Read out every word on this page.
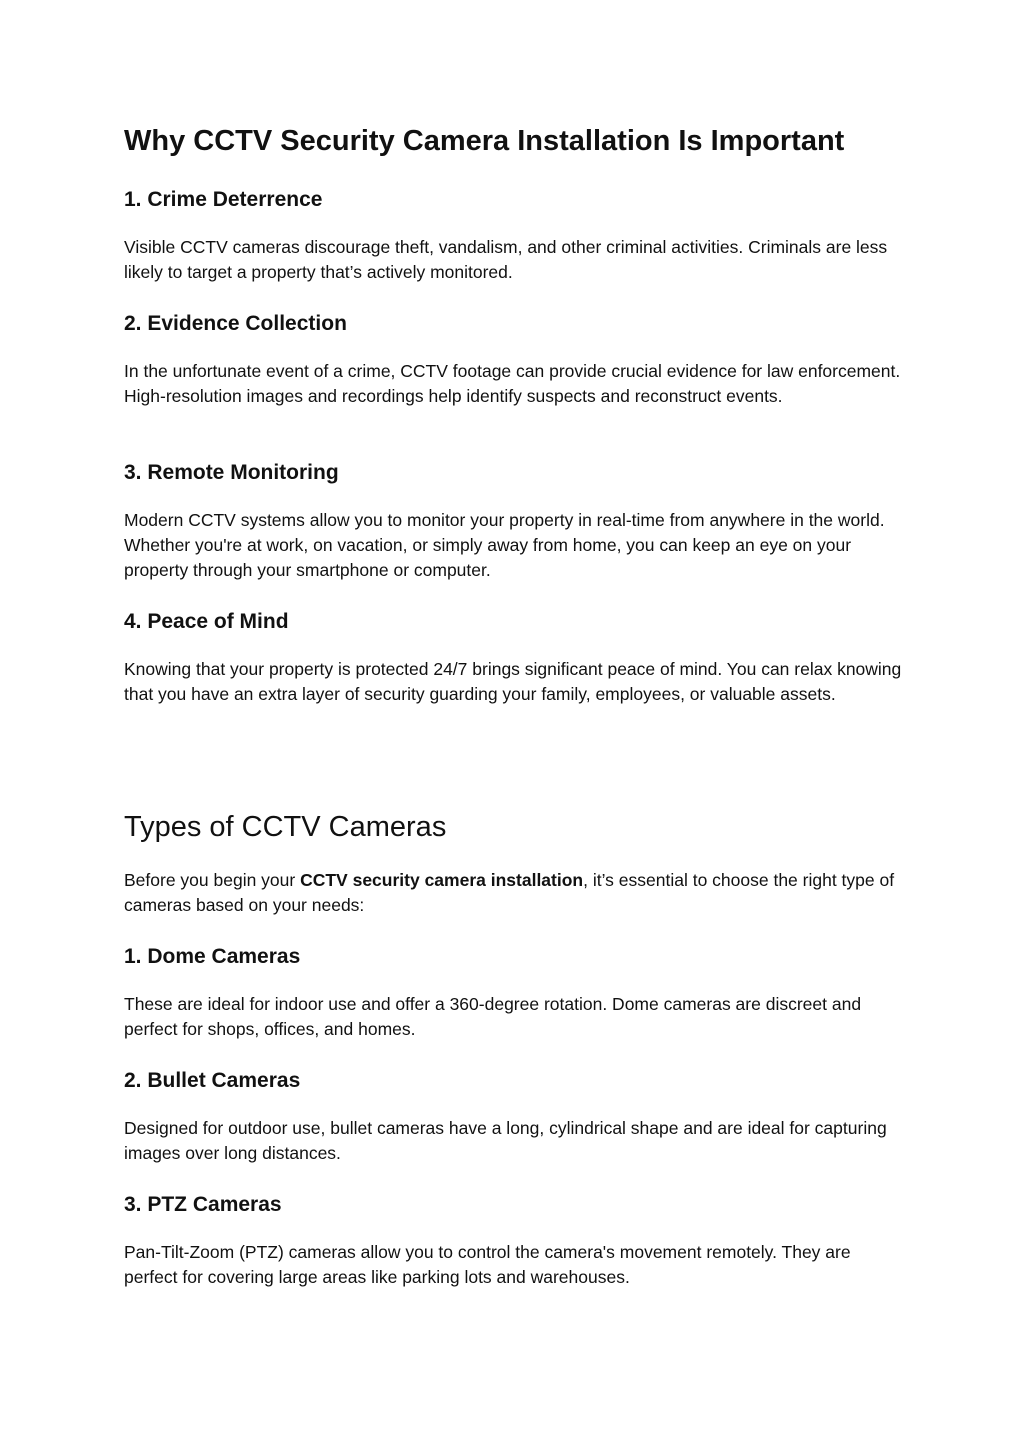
Why CCTV Security Camera Installation Is Important
1. Crime Deterrence

Visible CCTV cameras discourage theft, vandalism, and other criminal activities. Criminals are less likely to target a property that’s actively monitored.

2. Evidence Collection

In the unfortunate event of a crime, CCTV footage can provide crucial evidence for law enforcement. High-resolution images and recordings help identify suspects and reconstruct events.

3. Remote Monitoring

Modern CCTV systems allow you to monitor your property in real-time from anywhere in the world. Whether you're at work, on vacation, or simply away from home, you can keep an eye on your property through your smartphone or computer.

4. Peace of Mind

Knowing that your property is protected 24/7 brings significant peace of mind. You can relax knowing that you have an extra layer of security guarding your family, employees, or valuable assets.

Types of CCTV Cameras

Before you begin your CCTV security camera installation, it’s essential to choose the right type of cameras based on your needs:

1. Dome Cameras

These are ideal for indoor use and offer a 360-degree rotation. Dome cameras are discreet and perfect for shops, offices, and homes.

2. Bullet Cameras

Designed for outdoor use, bullet cameras have a long, cylindrical shape and are ideal for capturing images over long distances.

3. PTZ Cameras

Pan-Tilt-Zoom (PTZ) cameras allow you to control the camera's movement remotely. They are perfect for covering large areas like parking lots and warehouses.
